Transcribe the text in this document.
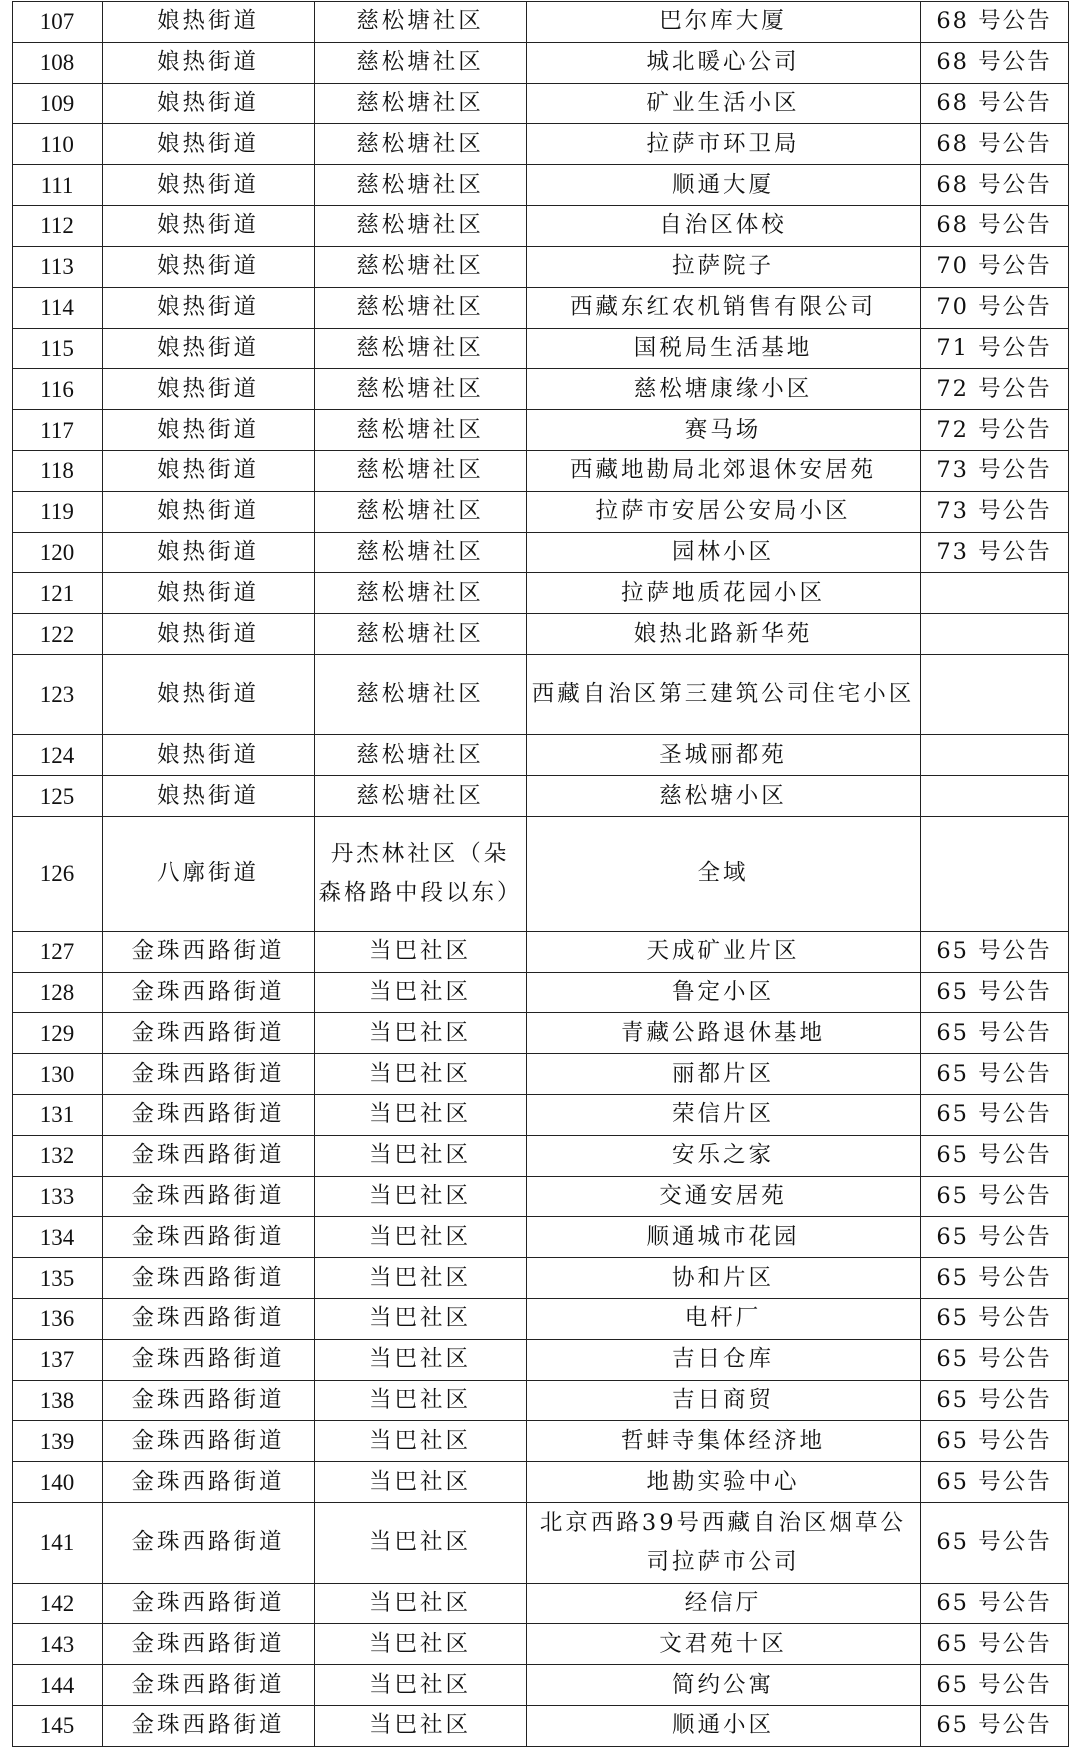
107	娘热街道	慈松塘社区	巴尔库大厦	68 号公告
108	娘热街道	慈松塘社区	城北暖心公司	68 号公告
109	娘热街道	慈松塘社区	矿业生活小区	68 号公告
110	娘热街道	慈松塘社区	拉萨市环卫局	68 号公告
111	娘热街道	慈松塘社区	顺通大厦	68 号公告
112	娘热街道	慈松塘社区	自治区体校	68 号公告
113	娘热街道	慈松塘社区	拉萨院子	70 号公告
114	娘热街道	慈松塘社区	西藏东红农机销售有限公司	70 号公告
115	娘热街道	慈松塘社区	国税局生活基地	71 号公告
116	娘热街道	慈松塘社区	慈松塘康缘小区	72 号公告
117	娘热街道	慈松塘社区	赛马场	72 号公告
118	娘热街道	慈松塘社区	西藏地勘局北郊退休安居苑	73 号公告
119	娘热街道	慈松塘社区	拉萨市安居公安局小区	73 号公告
120	娘热街道	慈松塘社区	园林小区	73 号公告
121	娘热街道	慈松塘社区	拉萨地质花园小区	
122	娘热街道	慈松塘社区	娘热北路新华苑	
123	娘热街道	慈松塘社区	西藏自治区第三建筑公司住宅小区	
124	娘热街道	慈松塘社区	圣城丽都苑	
125	娘热街道	慈松塘社区	慈松塘小区	
126	八廓街道	丹杰林社区（朵森格路中段以东）	全域	
127	金珠西路街道	当巴社区	天成矿业片区	65 号公告
128	金珠西路街道	当巴社区	鲁定小区	65 号公告
129	金珠西路街道	当巴社区	青藏公路退休基地	65 号公告
130	金珠西路街道	当巴社区	丽都片区	65 号公告
131	金珠西路街道	当巴社区	荣信片区	65 号公告
132	金珠西路街道	当巴社区	安乐之家	65 号公告
133	金珠西路街道	当巴社区	交通安居苑	65 号公告
134	金珠西路街道	当巴社区	顺通城市花园	65 号公告
135	金珠西路街道	当巴社区	协和片区	65 号公告
136	金珠西路街道	当巴社区	电杆厂	65 号公告
137	金珠西路街道	当巴社区	吉日仓库	65 号公告
138	金珠西路街道	当巴社区	吉日商贸	65 号公告
139	金珠西路街道	当巴社区	哲蚌寺集体经济地	65 号公告
140	金珠西路街道	当巴社区	地勘实验中心	65 号公告
141	金珠西路街道	当巴社区	北京西路39号西藏自治区烟草公司拉萨市公司	65 号公告
142	金珠西路街道	当巴社区	经信厅	65 号公告
143	金珠西路街道	当巴社区	文君苑十区	65 号公告
144	金珠西路街道	当巴社区	简约公寓	65 号公告
145	金珠西路街道	当巴社区	顺通小区	65 号公告
